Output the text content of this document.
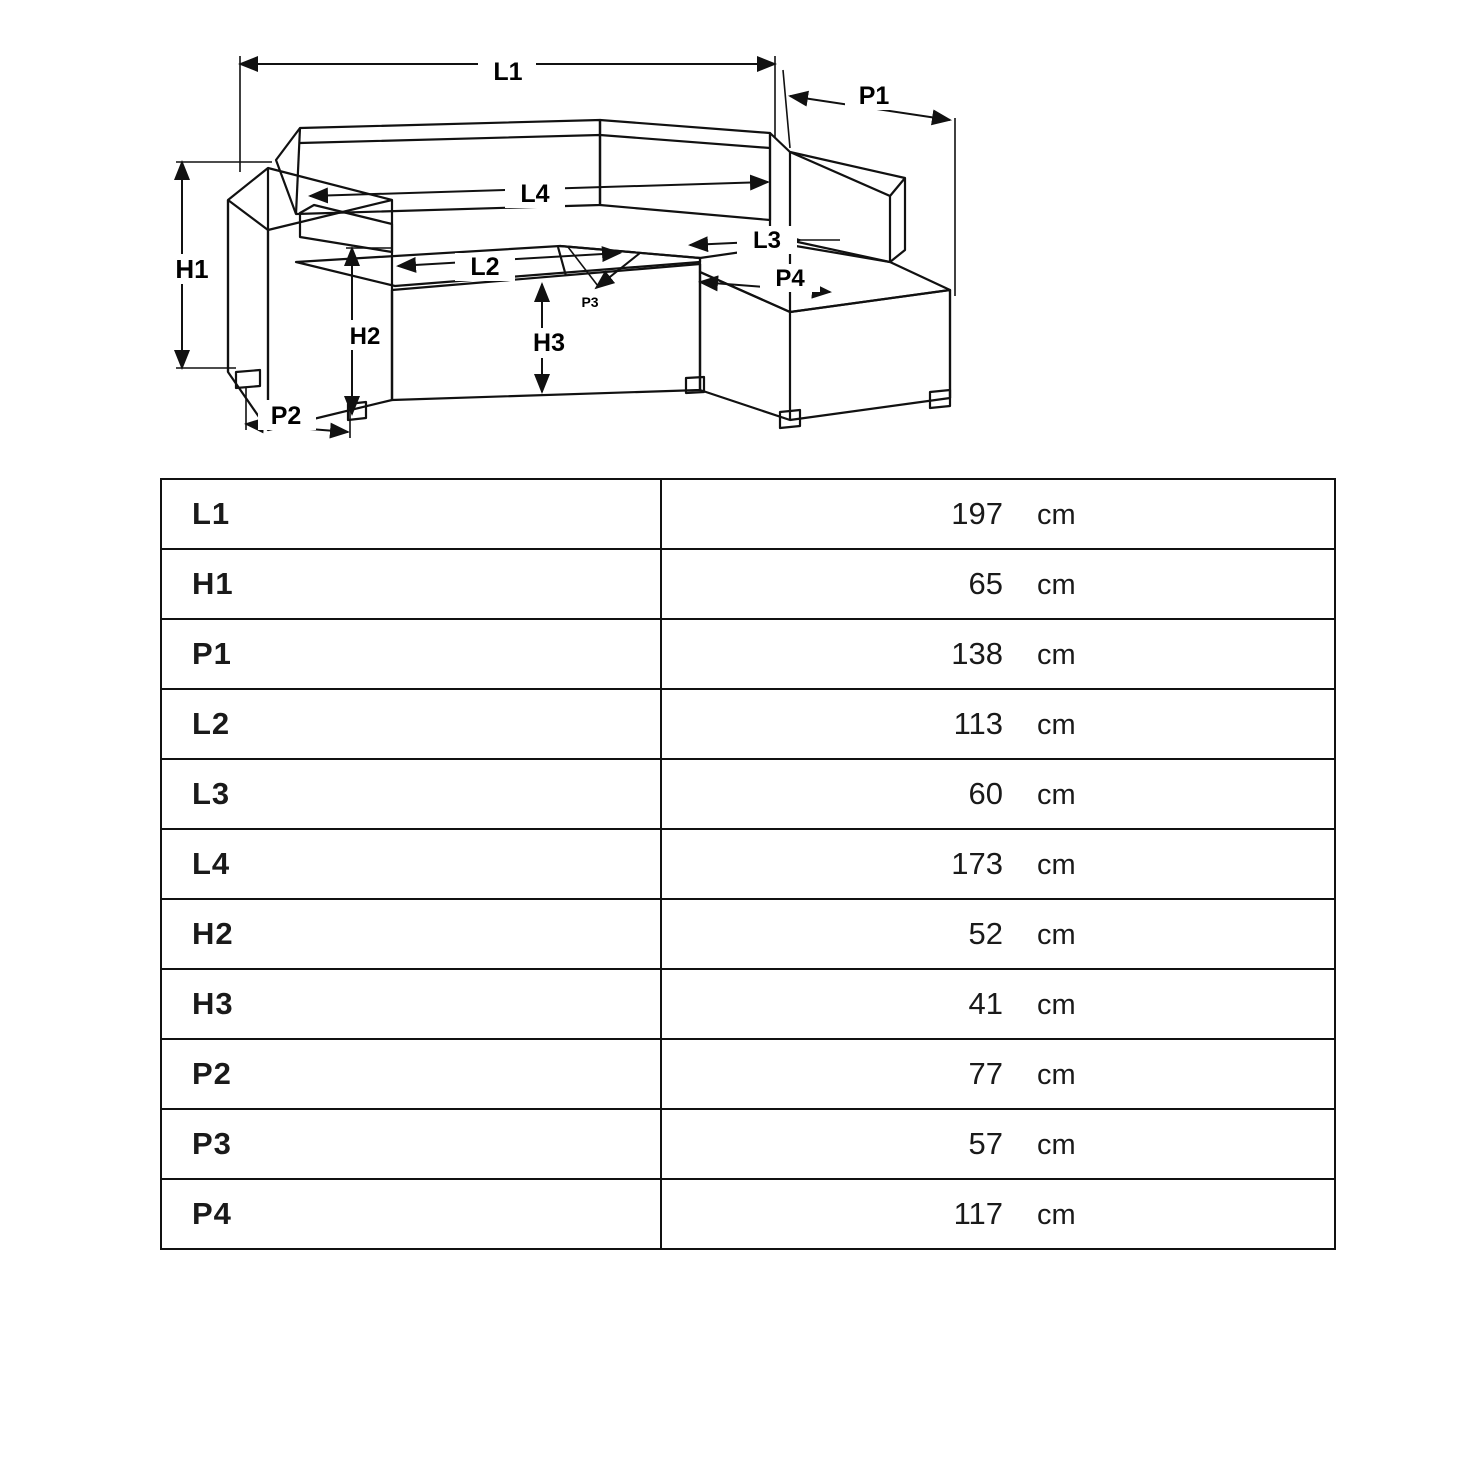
L1
P1
L4
H1	L2
L3
P4
H2	H3
P3
P2
L1	197 cm

H1	65 cm

P1	138 cm

L2	113 cm

L3	60 cm

L4	173 cm

H2	52 cm

H3	41 cm

P2	77 cm

P3	57 cm

P4	117 cm
